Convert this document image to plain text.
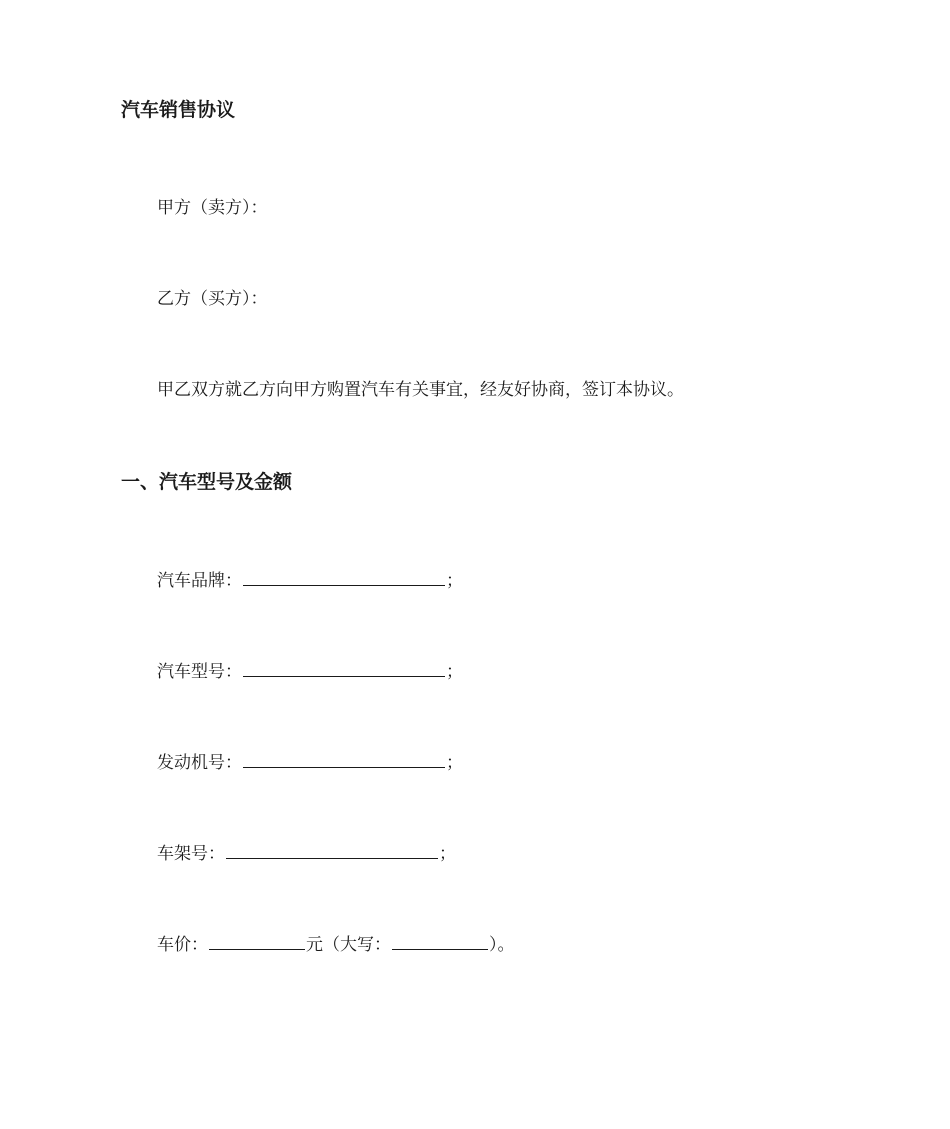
汽车销售协议
甲方（卖方）：
乙方（买方）：
甲乙双方就乙方向甲方购置汽车有关事宜，经友好协商，签订本协议。
一、汽车型号及金额
汽车品牌：	；
汽车型号：	；
发动机号：	；
车架号：	；
车价：	元（大写：	）。
